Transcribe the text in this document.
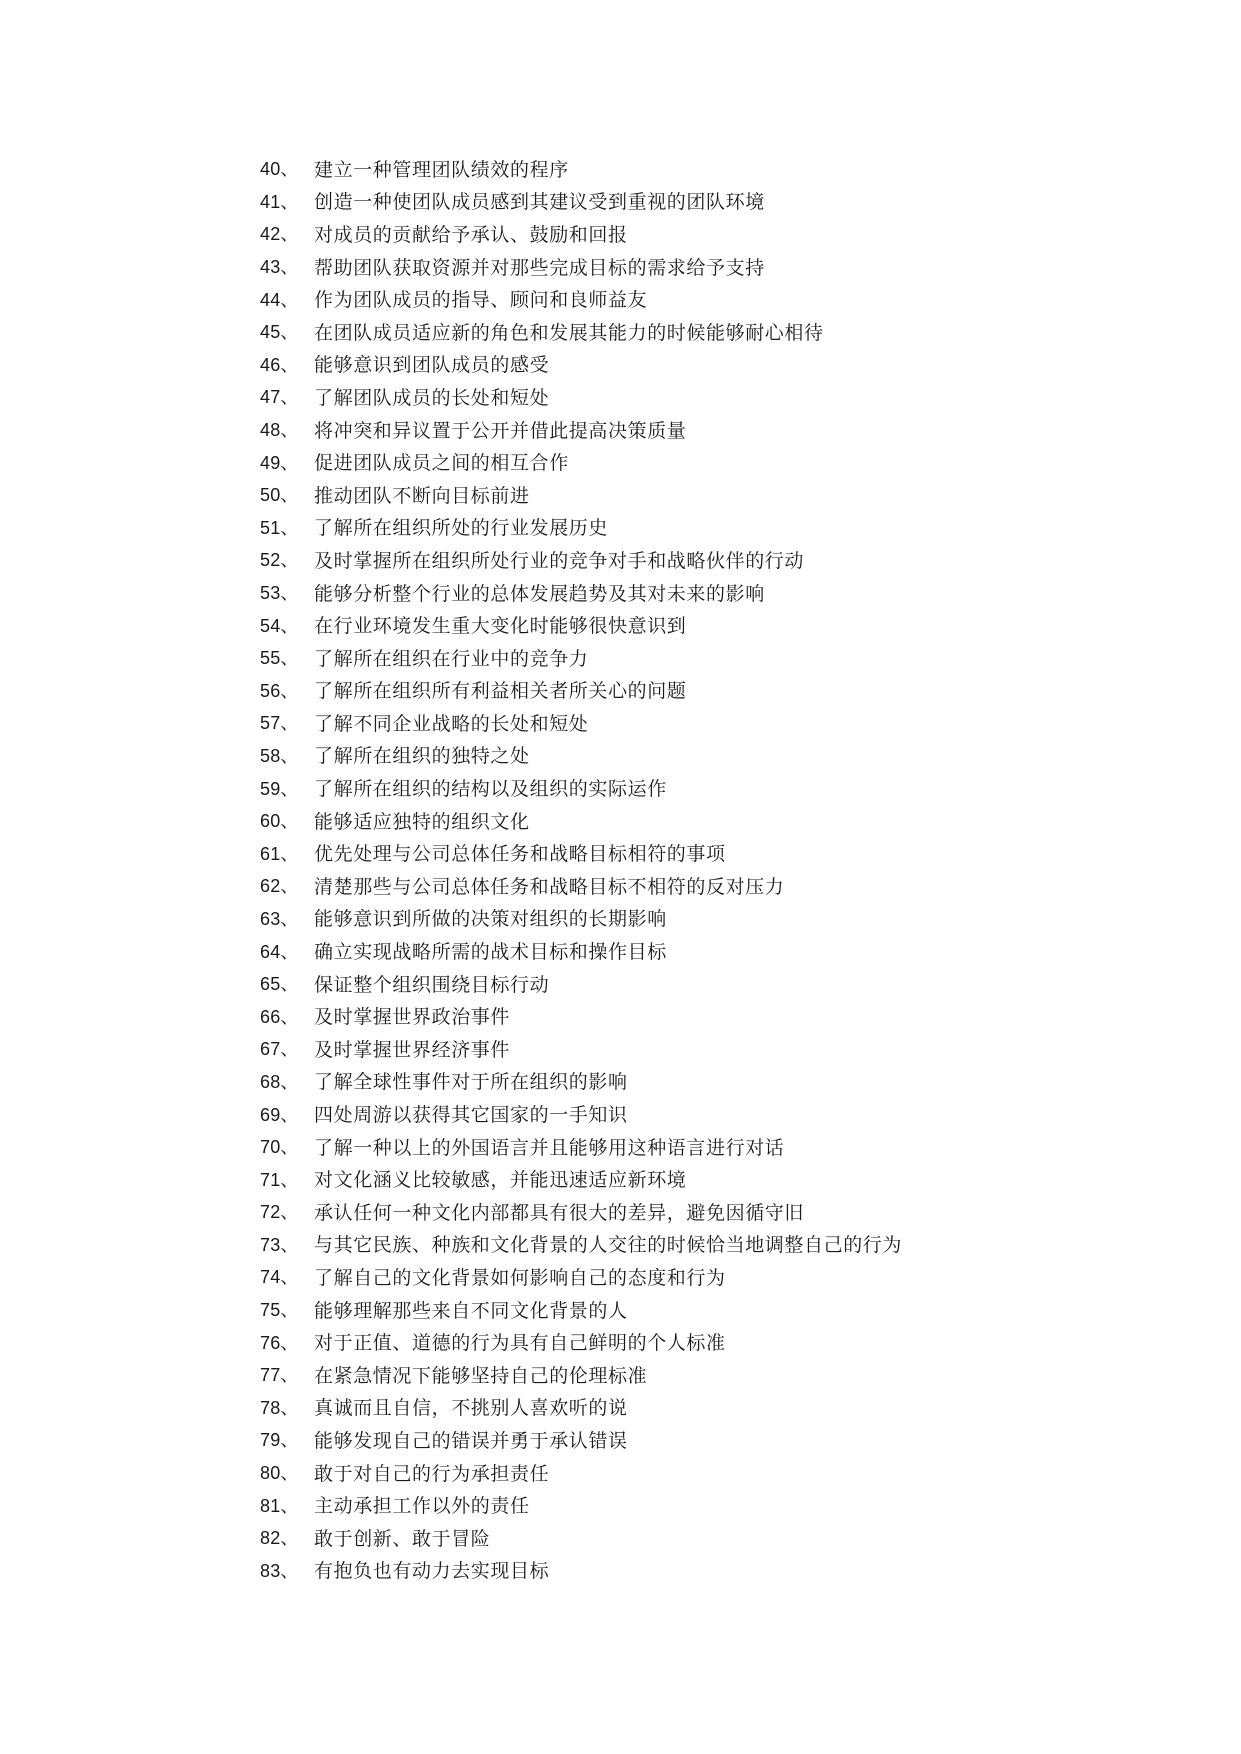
40、 建立一种管理团队绩效的程序
41、 创造一种使团队成员感到其建议受到重视的团队环境
42、 对成员的贡献给予承认、鼓励和回报
43、 帮助团队获取资源并对那些完成目标的需求给予支持
44、 作为团队成员的指导、顾问和良师益友
45、 在团队成员适应新的角色和发展其能力的时候能够耐心相待
46、 能够意识到团队成员的感受
47、 了解团队成员的长处和短处
48、 将冲突和异议置于公开并借此提高决策质量
49、 促进团队成员之间的相互合作
50、 推动团队不断向目标前进
51、 了解所在组织所处的行业发展历史
52、 及时掌握所在组织所处行业的竞争对手和战略伙伴的行动
53、 能够分析整个行业的总体发展趋势及其对未来的影响
54、 在行业环境发生重大变化时能够很快意识到
55、 了解所在组织在行业中的竞争力
56、 了解所在组织所有利益相关者所关心的问题
57、 了解不同企业战略的长处和短处
58、 了解所在组织的独特之处
59、 了解所在组织的结构以及组织的实际运作
60、 能够适应独特的组织文化
61、 优先处理与公司总体任务和战略目标相符的事项
62、 清楚那些与公司总体任务和战略目标不相符的反对压力
63、 能够意识到所做的决策对组织的长期影响
64、 确立实现战略所需的战术目标和操作目标
65、 保证整个组织围绕目标行动
66、 及时掌握世界政治事件
67、 及时掌握世界经济事件
68、 了解全球性事件对于所在组织的影响
69、 四处周游以获得其它国家的一手知识
70、 了解一种以上的外国语言并且能够用这种语言进行对话
71、 对文化涵义比较敏感，并能迅速适应新环境
72、 承认任何一种文化内部都具有很大的差异，避免因循守旧
73、 与其它民族、种族和文化背景的人交往的时候恰当地调整自己的行为
74、 了解自己的文化背景如何影响自己的态度和行为
75、 能够理解那些来自不同文化背景的人
76、 对于正值、道德的行为具有自己鲜明的个人标准
77、 在紧急情况下能够坚持自己的伦理标准
78、 真诚而且自信，不挑别人喜欢听的说
79、 能够发现自己的错误并勇于承认错误
80、 敢于对自己的行为承担责任
81、 主动承担工作以外的责任
82、 敢于创新、敢于冒险
83、 有抱负也有动力去实现目标
